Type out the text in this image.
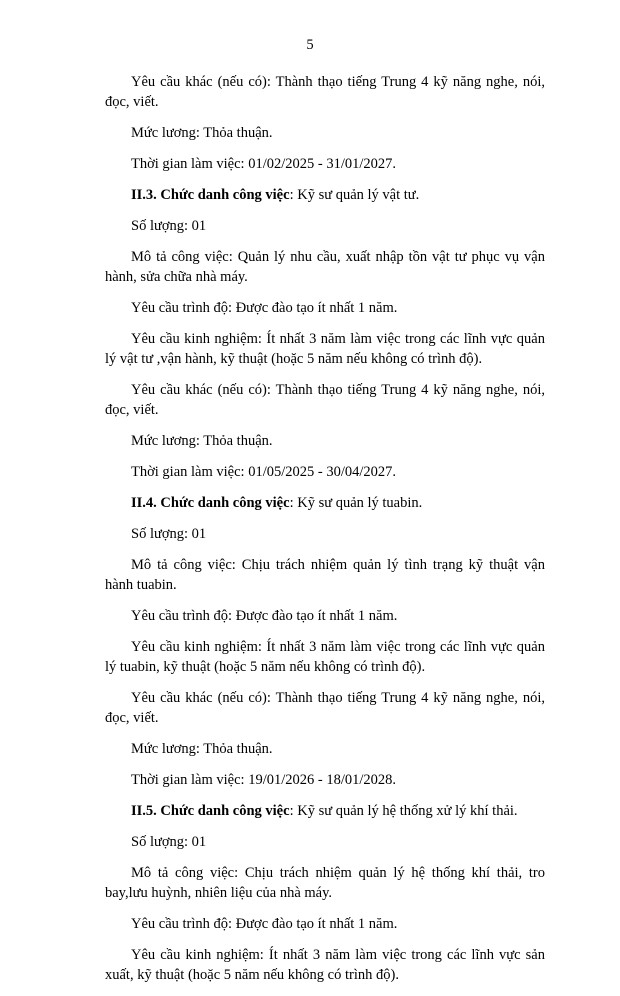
5

Yêu cầu khác (nếu có): Thành thạo tiếng Trung 4 kỹ năng nghe, nói, đọc, viết.

Mức lương: Thỏa thuận.

Thời gian làm việc: 01/02/2025 - 31/01/2027.

II.3. Chức danh công việc: Kỹ sư quản lý vật tư.

Số lượng: 01

Mô tả công việc: Quản lý nhu cầu, xuất nhập tồn vật tư phục vụ vận hành, sửa chữa nhà máy.

Yêu cầu trình độ: Được đào tạo ít nhất 1 năm.

Yêu cầu kinh nghiệm: Ít nhất 3 năm làm việc trong các lĩnh vực quản lý vật tư ,vận hành, kỹ thuật (hoặc 5 năm nếu không có trình độ).

Yêu cầu khác (nếu có): Thành thạo tiếng Trung 4 kỹ năng nghe, nói, đọc, viết.

Mức lương: Thỏa thuận.

Thời gian làm việc: 01/05/2025 - 30/04/2027.

II.4. Chức danh công việc: Kỹ sư quản lý tuabin.

Số lượng: 01

Mô tả công việc: Chịu trách nhiệm quản lý tình trạng kỹ thuật vận hành tuabin.

Yêu cầu trình độ: Được đào tạo ít nhất 1 năm.

Yêu cầu kinh nghiệm: Ít nhất 3 năm làm việc trong các lĩnh vực quản lý tuabin, kỹ thuật (hoặc 5 năm nếu không có trình độ).

Yêu cầu khác (nếu có): Thành thạo tiếng Trung 4 kỹ năng nghe, nói, đọc, viết.

Mức lương: Thỏa thuận.

Thời gian làm việc: 19/01/2026 - 18/01/2028.

II.5. Chức danh công việc: Kỹ sư quản lý hệ thống xử lý khí thải.

Số lượng: 01

Mô tả công việc: Chịu trách nhiệm quản lý hệ thống khí thải, tro bay,lưu huỳnh, nhiên liệu của nhà máy.

Yêu cầu trình độ: Được đào tạo ít nhất 1 năm.

Yêu cầu kinh nghiệm: Ít nhất 3 năm làm việc trong các lĩnh vực sản xuất, kỹ thuật (hoặc 5 năm nếu không có trình độ).
